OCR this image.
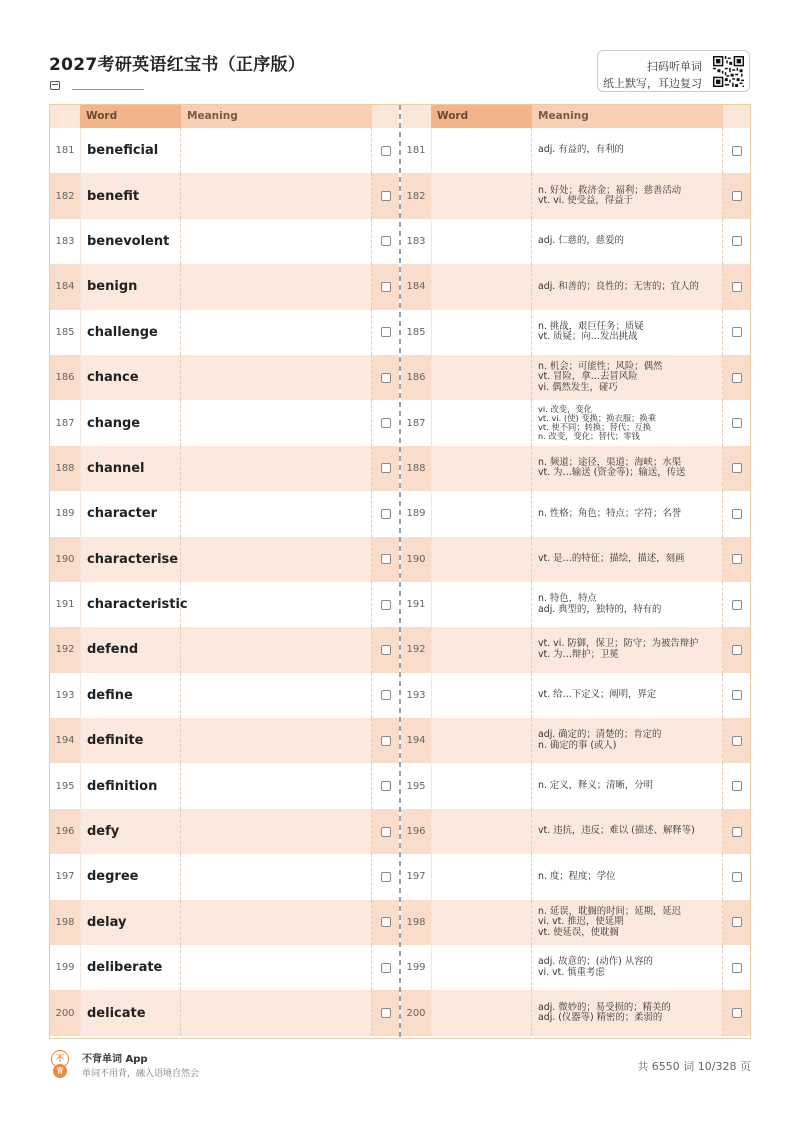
2027考研英语红宝书（正序版）	扫码听单词
纸上默写，耳边复习
Word	Meaning
181 beneficial
182 benefit
183 benevolent
184 benign
185 challenge
186 chance
187 change
188 channel
189 character
190 characterise
191 characteristic
192 defend
193 define
194 definite
195 definition
196 defy
197 degree
198 delay
199 deliberate
200 delicate
Word	Meaning
181	adj. 有益的，有利的
182
n. 好处；救济金；福利；慈善活动
vt. vi. 使受益，得益于
183	adj. 仁慈的，慈爱的
184	adj. 和善的；良性的；无害的；宜人的
185
n. 挑战，艰巨任务；质疑
vt. 质疑；向…发出挑战
186
n. 机会；可能性；风险；偶然
vt. 冒险，拿…去冒风险
vi. 偶然发生，碰巧
187
vi. 改变，变化
vt. vi. (使) 变换；换衣服；换乘
vt. 使不同；转换；替代；互换
n. 改变，变化；替代；零钱
188
n. 频道；途径，渠道；海峡；水渠
vt. 为…输送 (资金等)；输送，传送
189	n. 性格；角色；特点；字符；名誉
190	vt. 是…的特征；描绘，描述，刻画
191
n. 特色，特点
adj. 典型的，独特的，特有的
192
vt. vi. 防御，保卫；防守；为被告辩护
vt. 为…辩护；卫冕
193	vt. 给…下定义；阐明，界定
194
adj. 确定的；清楚的；肯定的
n. 确定的事 (或人)
195	n. 定义，释义；清晰，分明
196	vt. 违抗，违反；难以 (描述、解释等)
197	n. 度；程度；学位
198
n. 延误，耽搁的时间；延期，延迟
vi. vt. 推迟，使延期
vt. 使延误，使耽搁
199
adj. 故意的；(动作) 从容的
vi. vt. 慎重考虑
200
adj. 微妙的；易受损的；精美的
adj. (仪器等) 精密的；柔弱的
不
背
不背单词 App
单词不用背，融入语境自然会
共 6550 词 10/328 页
